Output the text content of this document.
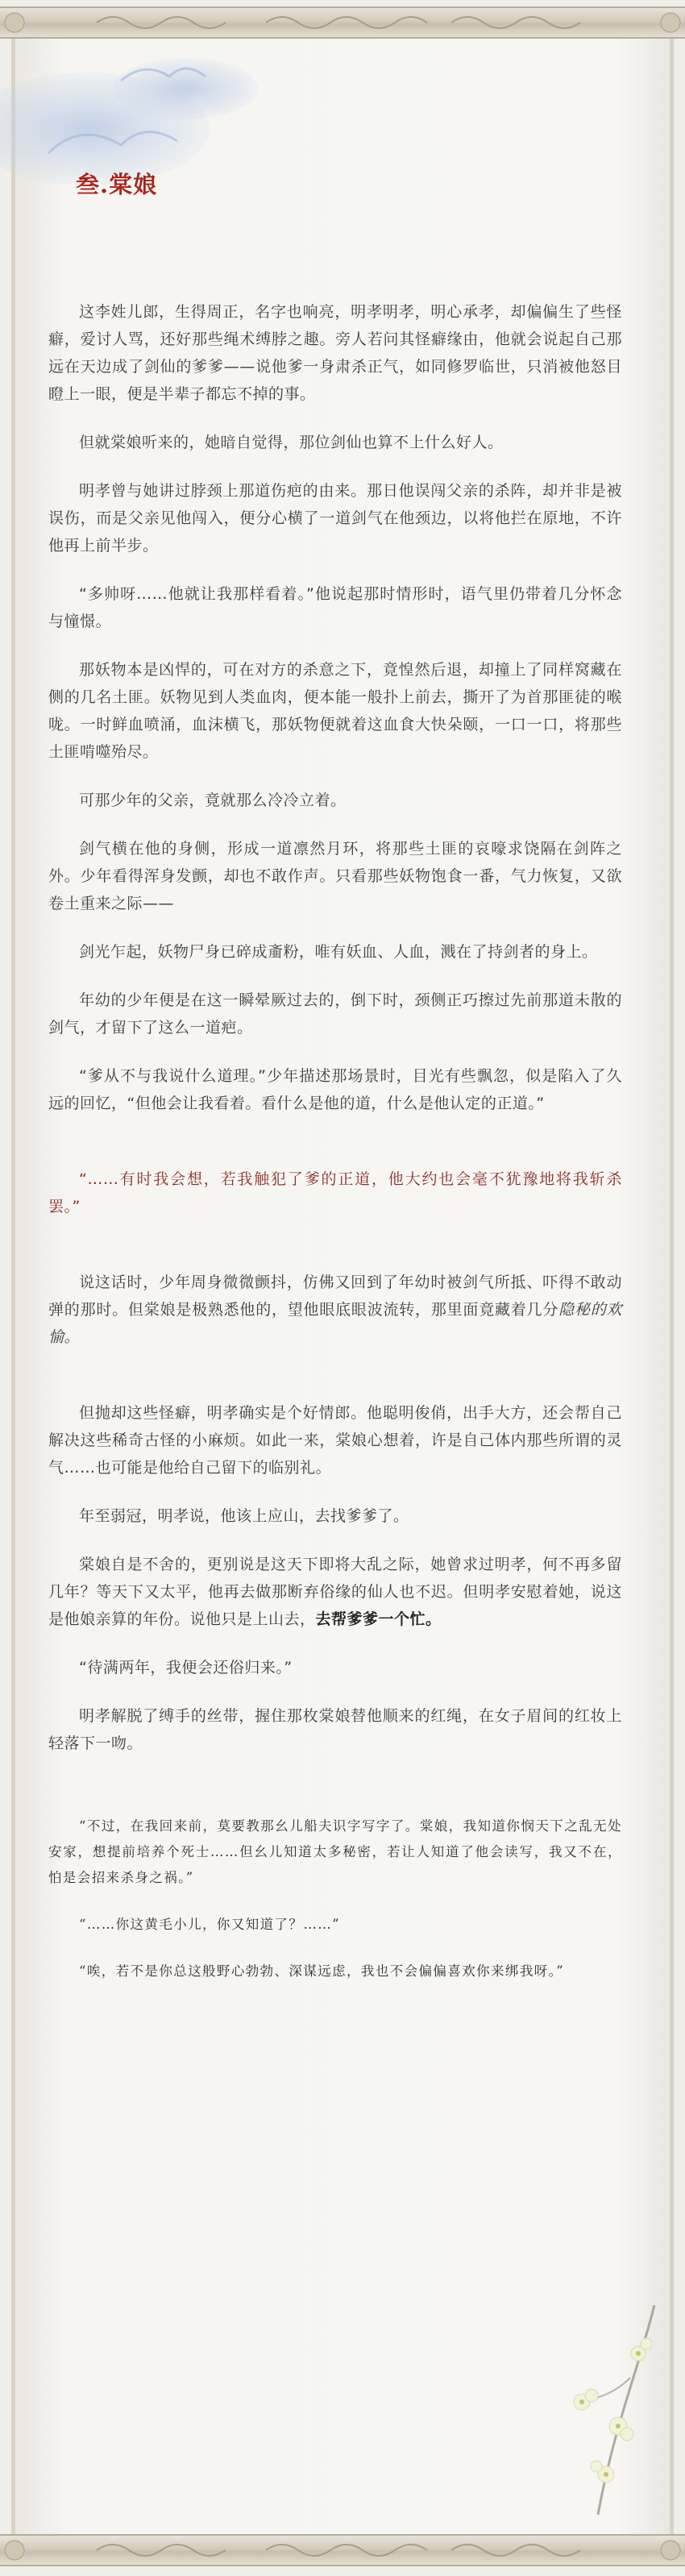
叁.棠娘

这李姓儿郎，生得周正，名字也响亮，明孝明孝，明心承孝，却偏偏生了些怪癖，爱讨人骂，还好那些绳术缚脖之趣。旁人若问其怪癖缘由，他就会说起自己那远在天边成了剑仙的爹爹——说他爹一身肃杀正气，如同修罗临世，只消被他怒目瞪上一眼，便是半辈子都忘不掉的事。

但就棠娘听来的，她暗自觉得，那位剑仙也算不上什么好人。

明孝曾与她讲过脖颈上那道伤疤的由来。那日他误闯父亲的杀阵，却并非是被误伤，而是父亲见他闯入，便分心横了一道剑气在他颈边，以将他拦在原地，不许他再上前半步。

“多帅呀……他就让我那样看着。”他说起那时情形时，语气里仍带着几分怀念与憧憬。

那妖物本是凶悍的，可在对方的杀意之下，竟惶然后退，却撞上了同样窝藏在侧的几名土匪。妖物见到人类血肉，便本能一般扑上前去，撕开了为首那匪徒的喉咙。一时鲜血喷涌，血沫横飞，那妖物便就着这血食大快朵颐，一口一口，将那些土匪啃噬殆尽。

可那少年的父亲，竟就那么冷冷立着。

剑气横在他的身侧，形成一道凛然月环，将那些土匪的哀嚎求饶隔在剑阵之外。少年看得浑身发颤，却也不敢作声。只看那些妖物饱食一番，气力恢复，又欲卷土重来之际——

剑光乍起，妖物尸身已碎成齑粉，唯有妖血、人血，溅在了持剑者的身上。

年幼的少年便是在这一瞬晕厥过去的，倒下时，颈侧正巧擦过先前那道未散的剑气，才留下了这么一道疤。

“爹从不与我说什么道理。”少年描述那场景时，目光有些飘忽，似是陷入了久远的回忆，“但他会让我看着。看什么是他的道，什么是他认定的正道。”

“……有时我会想，若我触犯了爹的正道，他大约也会毫不犹豫地将我斩杀罢。”

说这话时，少年周身微微颤抖，仿佛又回到了年幼时被剑气所抵、吓得不敢动弹的那时。但棠娘是极熟悉他的，望他眼底眼波流转，那里面竟藏着几分隐秘的欢愉。

但抛却这些怪癖，明孝确实是个好情郎。他聪明俊俏，出手大方，还会帮自己解决这些稀奇古怪的小麻烦。如此一来，棠娘心想着，许是自己体内那些所谓的灵气……也可能是他给自己留下的临别礼。

年至弱冠，明孝说，他该上应山，去找爹爹了。

棠娘自是不舍的，更别说是这天下即将大乱之际，她曾求过明孝，何不再多留几年？等天下又太平，他再去做那断弃俗缘的仙人也不迟。但明孝安慰着她，说这是他娘亲算的年份。说他只是上山去，去帮爹爹一个忙。

“待满两年，我便会还俗归来。”

明孝解脱了缚手的丝带，握住那枚棠娘替他顺来的红绳，在女子眉间的红妆上轻落下一吻。

“不过，在我回来前，莫要教那幺儿船夫识字写字了。棠娘，我知道你悯天下之乱无处安家，想提前培养个死士……但幺儿知道太多秘密，若让人知道了他会读写，我又不在，怕是会招来杀身之祸。”

“……你这黄毛小儿，你又知道了？……”

“唉，若不是你总这般野心勃勃、深谋远虑，我也不会偏偏喜欢你来绑我呀。”
